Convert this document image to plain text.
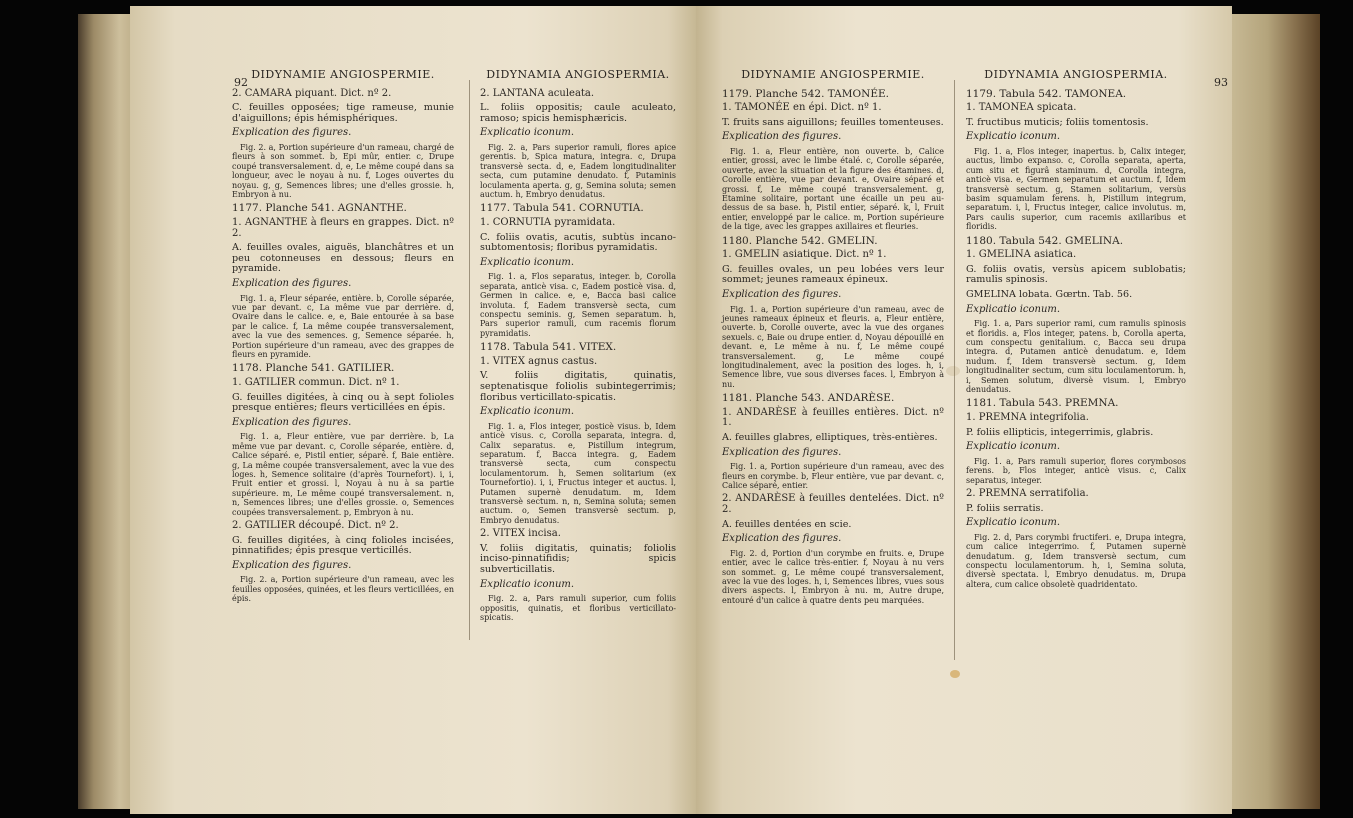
92
DIDYNAMIE ANGIOSPERMIE.

2. CAMARA piquant. Dict. nº 2.

C. feuilles opposées; tige rameuse, munie d'aiguillons; épis hémisphériques.

Explication des figures.

Fig. 2. a, Portion supérieure d'un rameau, chargé de fleurs à son sommet. b, Epi mûr, entier. c, Drupe coupé transversalement. d, e, Le même coupé dans sa longueur, avec le noyau à nu. f, Loges ouvertes du noyau. g, g, Semences libres; une d'elles grossie. h, Embryon à nu.

1177. Planche 541. AGNANTHE.

1. AGNANTHE à fleurs en grappes. Dict. nº 2.

A. feuilles ovales, aiguës, blanchâtres et un peu cotonneuses en dessous; fleurs en pyramide.

Explication des figures.

Fig. 1. a, Fleur séparée, entière. b, Corolle séparée, vue par devant. c, La même vue par derrière. d, Ovaire dans le calice. e, e, Baie entourée à sa base par le calice. f, La même coupée transversalement, avec la vue des semences. g, Semence séparée. h, Portion supérieure d'un rameau, avec des grappes de fleurs en pyramide.

1178. Planche 541. GATILIER.

1. GATILIER commun. Dict. nº 1.

G. feuilles digitées, à cinq ou à sept folioles presque entières; fleurs verticillées en épis.

Explication des figures.

Fig. 1. a, Fleur entière, vue par derrière. b, La même vue par devant. c, Corolle séparée, entière. d, Calice séparé. e, Pistil entier, séparé. f, Baie entière. g, La même coupée transversalement, avec la vue des loges. h, Semence solitaire (d'après Tournefort). i, i, Fruit entier et grossi. l, Noyau à nu à sa partie supérieure. m, Le même coupé transversalement. n, n, Semences libres; une d'elles grossie. o, Semences coupées transversalement. p, Embryon à nu.

2. GATILIER découpé. Dict. nº 2.

G. feuilles digitées, à cinq folioles incisées, pinnatifides; épis presque verticillés.

Explication des figures.

Fig. 2. a, Portion supérieure d'un rameau, avec les feuilles opposées, quinées, et les fleurs verticillées, en épis.

DIDYNAMIA ANGIOSPERMIA.

2. LANTANA aculeata.

L. foliis oppositis; caule aculeato, ramoso; spicis hemisphæricis.

Explicatio iconum.

Fig. 2. a, Pars superior ramuli, flores apice gerentis. b, Spica matura, integra. c, Drupa transversè secta. d, e, Eadem longitudinaliter secta, cum putamine denudato. f, Putaminis loculamenta aperta. g, g, Semina soluta; semen auctum. h, Embryo denudatus.

1177. Tabula 541. CORNUTIA.

1. CORNUTIA pyramidata.

C. foliis ovatis, acutis, subtùs incano-subtomentosis; floribus pyramidatis.

Explicatio iconum.

Fig. 1. a, Flos separatus, integer. b, Corolla separata, anticè visa. c, Eadem posticè visa. d, Germen in calice. e, e, Bacca basi calice involuta. f, Eadem transversè secta, cum conspectu seminis. g, Semen separatum. h, Pars superior ramuli, cum racemis florum pyramidatis.

1178. Tabula 541. VITEX.

1. VITEX agnus castus.

V. foliis digitatis, quinatis, septenatisque foliolis subintegerrimis; floribus verticillato-spicatis.

Explicatio iconum.

Fig. 1. a, Flos integer, posticè visus. b, Idem anticè visus. c, Corolla separata, integra. d, Calix separatus. e, Pistillum integrum, separatum. f, Bacca integra. g, Eadem transversè secta, cum conspectu loculamentorum. h, Semen solitarium (ex Tournefortio). i, i, Fructus integer et auctus. l, Putamen supernè denudatum. m, Idem transversè sectum. n, n, Semina soluta; semen auctum. o, Semen transversè sectum. p, Embryo denudatus.

2. VITEX incisa.

V. foliis digitatis, quinatis; foliolis inciso-pinnatifidis; spicis subverticillatis.

Explicatio iconum.

Fig. 2. a, Pars ramuli superior, cum foliis oppositis, quinatis, et floribus verticillato-spicatis.

93
DIDYNAMIE ANGIOSPERMIE.

1179. Planche 542. TAMONÉE.

1. TAMONÉE en épi. Dict. nº 1.

T. fruits sans aiguillons; feuilles tomenteuses.

Explication des figures.

Fig. 1. a, Fleur entière, non ouverte. b, Calice entier, grossi, avec le limbe étalé. c, Corolle séparée, ouverte, avec la situation et la figure des étamines. d, Corolle entière, vue par devant. e, Ovaire séparé et grossi. f, Le même coupé transversalement. g, Etamine solitaire, portant une écaille un peu au-dessus de sa base. h, Pistil entier, séparé. k, l, Fruit entier, enveloppé par le calice. m, Portion supérieure de la tige, avec les grappes axillaires et fleuries.

1180. Planche 542. GMELIN.

1. GMELIN asiatique. Dict. nº 1.

G. feuilles ovales, un peu lobées vers leur sommet; jeunes rameaux épineux.

Explication des figures.

Fig. 1. a, Portion supérieure d'un rameau, avec de jeunes rameaux épineux et fleuris. a, Fleur entière, ouverte. b, Corolle ouverte, avec la vue des organes sexuels. c, Baie ou drupe entier. d, Noyau dépouillé en devant. e, Le même à nu. f, Le même coupé transversalement. g, Le même coupé longitudinalement, avec la position des loges. h, i, Semence libre, vue sous diverses faces. l, Embryon à nu.

1181. Planche 543. ANDARÈSE.

1. ANDARÈSE à feuilles entières. Dict. nº 1.

A. feuilles glabres, elliptiques, très-entières.

Explication des figures.

Fig. 1. a, Portion supérieure d'un rameau, avec des fleurs en corymbe. b, Fleur entière, vue par devant. c, Calice séparé, entier.

2. ANDARÈSE à feuilles dentelées. Dict. nº 2.

A. feuilles dentées en scie.

Explication des figures.

Fig. 2. d, Portion d'un corymbe en fruits. e, Drupe entier, avec le calice très-entier. f, Noyau à nu vers son sommet. g, Le même coupé transversalement, avec la vue des loges. h, i, Semences libres, vues sous divers aspects. l, Embryon à nu. m, Autre drupe, entouré d'un calice à quatre dents peu marquées.

DIDYNAMIA ANGIOSPERMIA.

1179. Tabula 542. TAMONEA.

1. TAMONEA spicata.

T. fructibus muticis; foliis tomentosis.

Explicatio iconum.

Fig. 1. a, Flos integer, inapertus. b, Calix integer, auctus, limbo expanso. c, Corolla separata, aperta, cum situ et figurâ staminum. d, Corolla integra, anticè visa. e, Germen separatum et auctum. f, Idem transversè sectum. g, Stamen solitarium, versùs basim squamulam ferens. h, Pistillum integrum, separatum. i, l, Fructus integer, calice involutus. m, Pars caulis superior, cum racemis axillaribus et floridis.

1180. Tabula 542. GMELINA.

1. GMELINA asiatica.

G. foliis ovatis, versùs apicem sublobatis; ramulis spinosis.

GMELINA lobata. Gœrtn. Tab. 56.

Explicatio iconum.

Fig. 1. a, Pars superior rami, cum ramulis spinosis et floridis. a, Flos integer, patens. b, Corolla aperta, cum conspectu genitalium. c, Bacca seu drupa integra. d, Putamen anticè denudatum. e, Idem nudum. f, Idem transversè sectum. g, Idem longitudinaliter sectum, cum situ loculamentorum. h, i, Semen solutum, diversè visum. l, Embryo denudatus.

1181. Tabula 543. PREMNA.

1. PREMNA integrifolia.

P. foliis ellipticis, integerrimis, glabris.

Explicatio iconum.

Fig. 1. a, Pars ramuli superior, flores corymbosos ferens. b, Flos integer, anticè visus. c, Calix separatus, integer.

2. PREMNA serratifolia.

P. foliis serratis.

Explicatio iconum.

Fig. 2. d, Pars corymbi fructiferi. e, Drupa integra, cum calice integerrimo. f, Putamen supernè denudatum. g, Idem transversè sectum, cum conspectu loculamentorum. h, i, Semina soluta, diversè spectata. l, Embryo denudatus. m, Drupa altera, cum calice obsoletè quadridentato.
